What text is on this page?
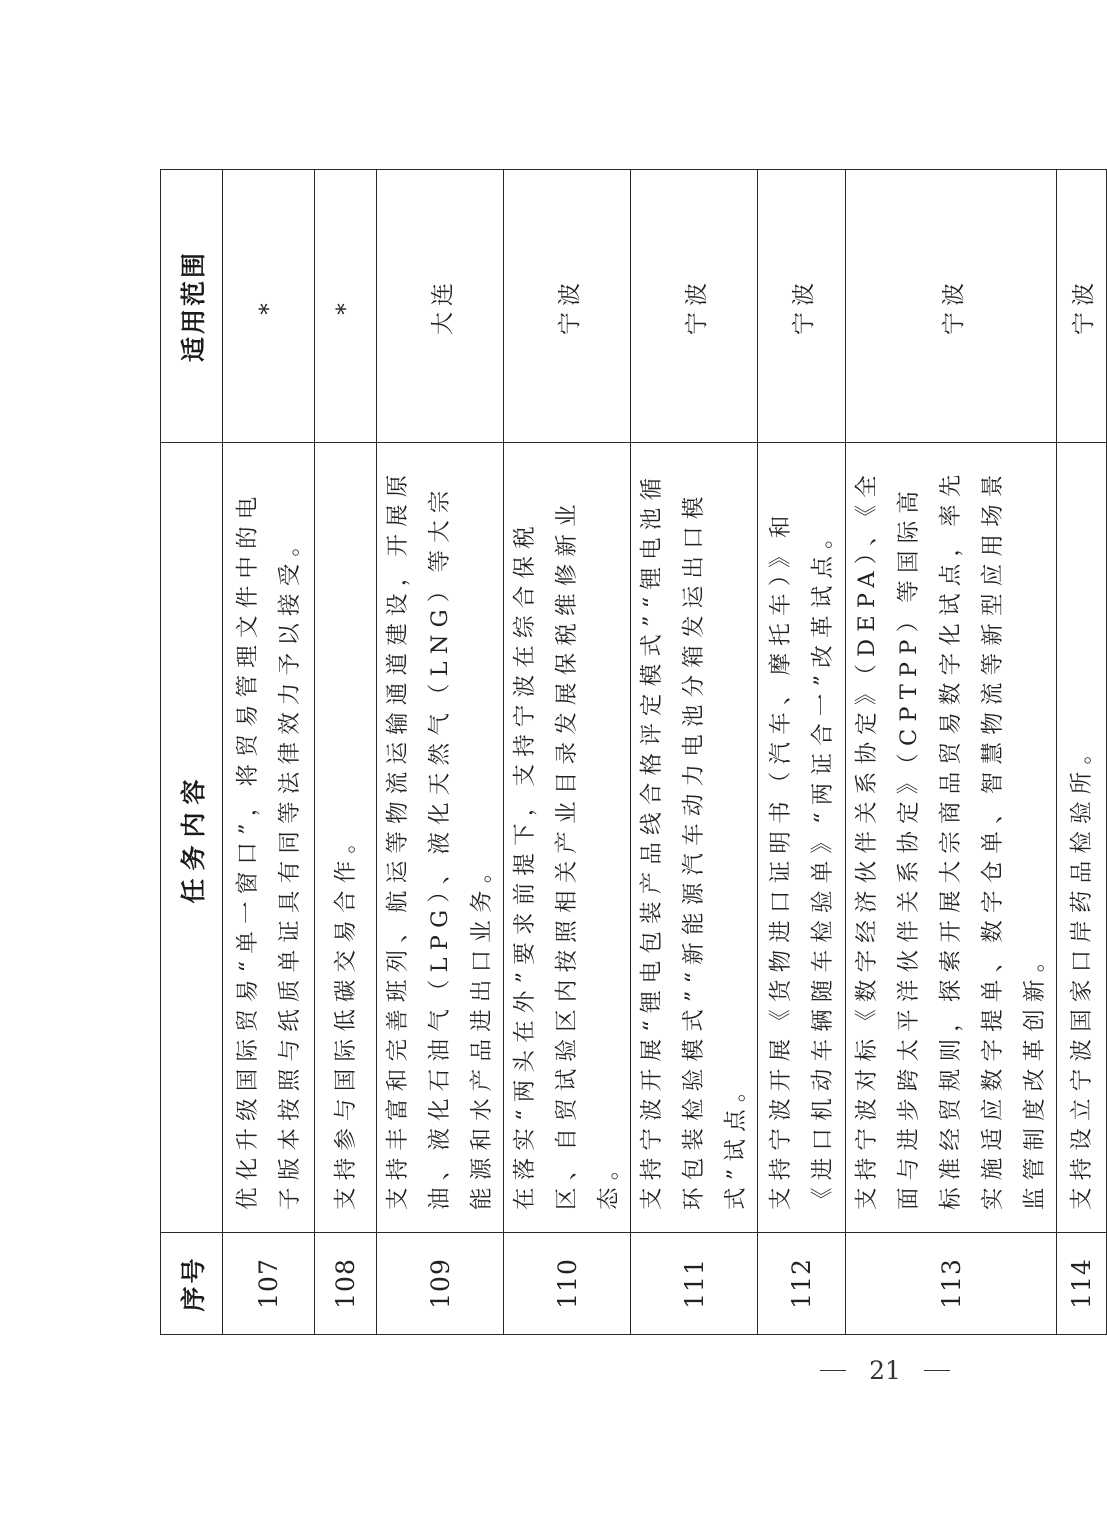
序号	任务内容	适用范围
107	优化升级国际贸易“单一窗口”，将贸易管理文件中的电子版本按照与纸质单证具有同等法律效力予以接受。	*
108	支持参与国际低碳交易合作。	*
109	支持丰富和完善班列、航运等物流运输通道建设，开展原油、液化石油气（LPG）、液化天然气（LNG）等大宗能源和水产品进出口业务。	大连
110	在落实“两头在外”要求前提下，支持宁波在综合保税区、自贸试验区内按照相关产业目录发展保税维修新业态。	宁波
111	支持宁波开展“锂电包装产品线合格评定模式”“锂电池循环包装检验模式”“新能源汽车动力电池分箱发运出口模式”试点。	宁波
112	支持宁波开展《货物进口证明书（汽车、摩托车）》和《进口机动车辆随车检验单》“两证合一”改革试点。	宁波
113	支持宁波对标《数字经济伙伴关系协定》（DEPA）、《全面与进步跨太平洋伙伴关系协定》（CPTPP）等国际高标准经贸规则，探索开展大宗商品贸易数字化试点，率先实施适应数字提单、数字仓单、智慧物流等新型应用场景监管制度改革创新。	宁波
114	支持设立宁波国家口岸药品检验所。	宁波
21
